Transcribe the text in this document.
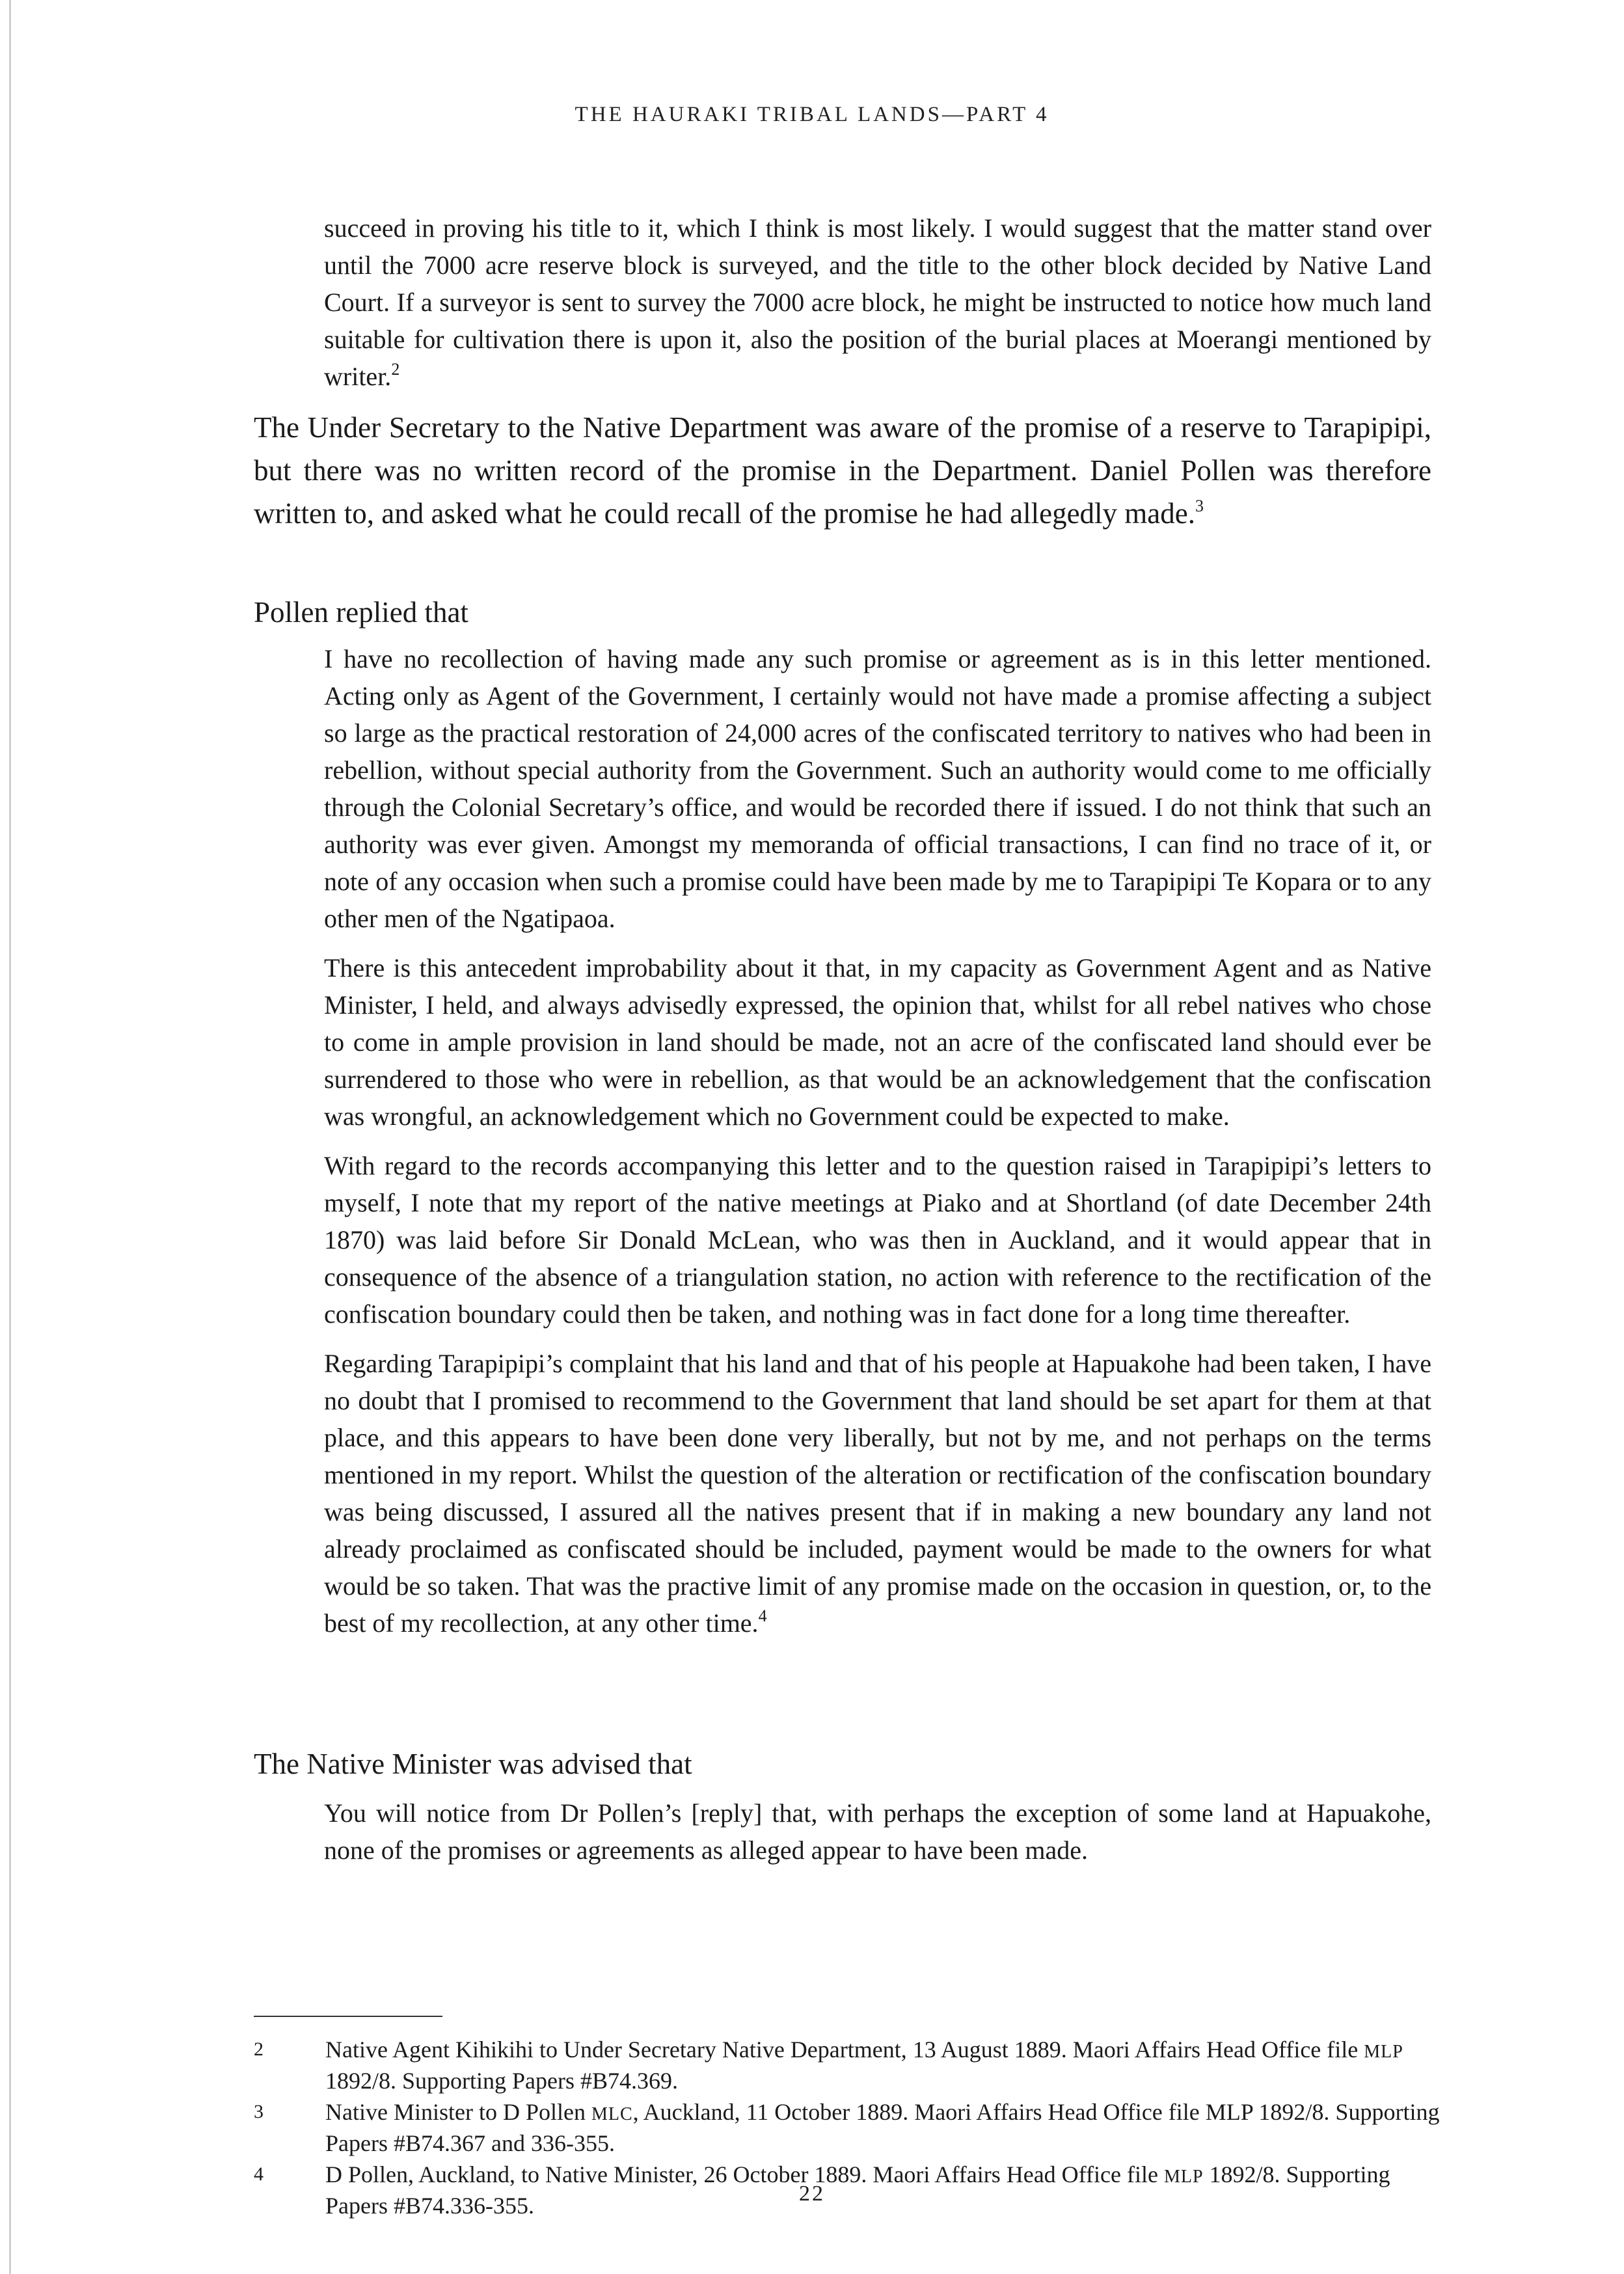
THE HAURAKI TRIBAL LANDS—PART 4
succeed in proving his title to it, which I think is most likely. I would suggest that the matter stand over until the 7000 acre reserve block is surveyed, and the title to the other block decided by Native Land Court. If a surveyor is sent to survey the 7000 acre block, he might be instructed to notice how much land suitable for cultivation there is upon it, also the position of the burial places at Moerangi mentioned by writer.$^2$
The Under Secretary to the Native Department was aware of the promise of a reserve to Tarapipipi, but there was no written record of the promise in the Department. Daniel Pollen was therefore written to, and asked what he could recall of the promise he had allegedly made.$^3$
Pollen replied that

I have no recollection of having made any such promise or agreement as is in this letter mentioned. Acting only as Agent of the Government, I certainly would not have made a promise affecting a subject so large as the practical restoration of 24,000 acres of the confiscated territory to natives who had been in rebellion, without special authority from the Government. Such an authority would come to me officially through the Colonial Secretary’s office, and would be recorded there if issued. I do not think that such an authority was ever given. Amongst my memoranda of official transactions, I can find no trace of it, or note of any occasion when such a promise could have been made by me to Tarapipipi Te Kopara or to any other men of the Ngatipaoa.

There is this antecedent improbability about it that, in my capacity as Government Agent and as Native Minister, I held, and always advisedly expressed, the opinion that, whilst for all rebel natives who chose to come in ample provision in land should be made, not an acre of the confiscated land should ever be surrendered to those who were in rebellion, as that would be an acknowledgement that the confiscation was wrongful, an acknowledgement which no Government could be expected to make.

With regard to the records accompanying this letter and to the question raised in Tarapipipi’s letters to myself, I note that my report of the native meetings at Piako and at Shortland (of date December 24th 1870) was laid before Sir Donald McLean, who was then in Auckland, and it would appear that in consequence of the absence of a triangulation station, no action with reference to the rectification of the confiscation boundary could then be taken, and nothing was in fact done for a long time thereafter.

Regarding Tarapipipi’s complaint that his land and that of his people at Hapuakohe had been taken, I have no doubt that I promised to recommend to the Government that land should be set apart for them at that place, and this appears to have been done very liberally, but not by me, and not perhaps on the terms mentioned in my report. Whilst the question of the alteration or rectification of the confiscation boundary was being discussed, I assured all the natives present that if in making a new boundary any land not already proclaimed as confiscated should be included, payment would be made to the owners for what would be so taken. That was the practive limit of any promise made on the occasion in question, or, to the best of my recollection, at any other time.$^4$

The Native Minister was advised that
You will notice from Dr Pollen’s [reply] that, with perhaps the exception of some land at Hapuakohe, none of the promises or agreements as alleged appear to have been made.
2	Native Agent Kihikihi to Under Secretary Native Department, 13 August 1889. Maori Affairs Head Office file MLP 1892/8. Supporting Papers #B74.369.
3	Native Minister to D Pollen MLC, Auckland, 11 October 1889. Maori Affairs Head Office file MLP 1892/8. Supporting Papers #B74.367 and 336-355.
4	D Pollen, Auckland, to Native Minister, 26 October 1889. Maori Affairs Head Office file MLP 1892/8. Supporting Papers #B74.336-355.	22
